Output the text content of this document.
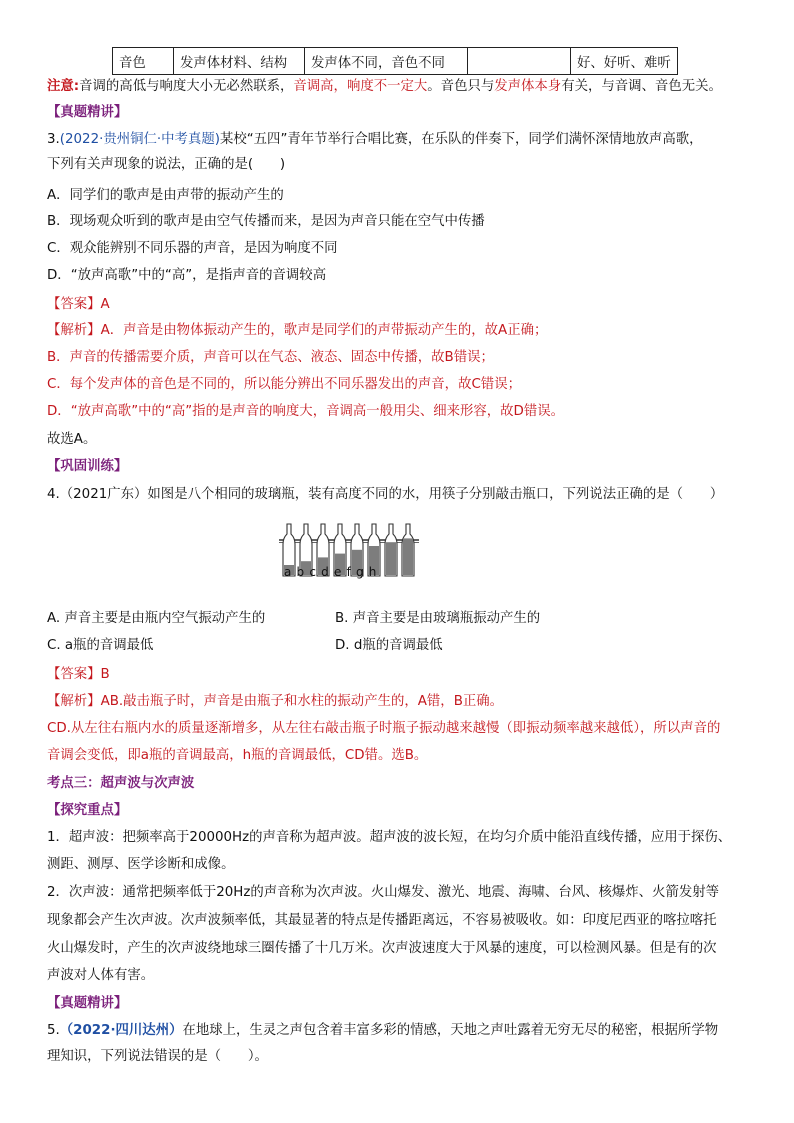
音色	发声体材料、结构	发声体不同，音色不同		好、好听、难听
注意:音调的高低与响度大小无必然联系，音调高，响度不一定大。音色只与发声体本身有关，与音调、音色无关。
【真题精讲】
3.(2022·贵州铜仁·中考真题)某校“五四”青年节举行合唱比赛，在乐队的伴奏下，同学们满怀深情地放声高歌，
下列有关声现象的说法，正确的是(　　)
A．同学们的歌声是由声带的振动产生的
B．现场观众听到的歌声是由空气传播而来，是因为声音只能在空气中传播
C．观众能辨别不同乐器的声音，是因为响度不同
D．“放声高歌”中的“高”，是指声音的音调较高
【答案】A
【解析】A．声音是由物体振动产生的，歌声是同学们的声带振动产生的，故A正确；
B．声音的传播需要介质，声音可以在气态、液态、固态中传播，故B错误；
C．每个发声体的音色是不同的，所以能分辨出不同乐器发出的声音，故C错误；
D．“放声高歌”中的“高”指的是声音的响度大，音调高一般用尖、细来形容，故D错误。
故选A。
【巩固训练】
4.（2021广东）如图是八个相同的玻璃瓶，装有高度不同的水，用筷子分别敲击瓶口，下列说法正确的是（　　）
abcdefgh
A. 声音主要是由瓶内空气振动产生的	B. 声音主要是由玻璃瓶振动产生的
C. a瓶的音调最低	D. d瓶的音调最低
【答案】B
【解析】AB.敲击瓶子时，声音是由瓶子和水柱的振动产生的，A错，B正确。
CD.从左往右瓶内水的质量逐渐增多，从左往右敲击瓶子时瓶子振动越来越慢（即振动频率越来越低），所以声音的
音调会变低，即a瓶的音调最高，h瓶的音调最低，CD错。选B。
考点三：超声波与次声波
【探究重点】
1．超声波：把频率高于20000Hz的声音称为超声波。超声波的波长短，在均匀介质中能沿直线传播，应用于探伤、
测距、测厚、医学诊断和成像。
2．次声波：通常把频率低于20Hz的声音称为次声波。火山爆发、激光、地震、海啸、台风、核爆炸、火箭发射等
现象都会产生次声波。次声波频率低，其最显著的特点是传播距离远，不容易被吸收。如：印度尼西亚的喀拉喀托
火山爆发时，产生的次声波绕地球三圈传播了十几万米。次声波速度大于风暴的速度，可以检测风暴。但是有的次
声波对人体有害。
【真题精讲】
5.（2022·四川达州）在地球上，生灵之声包含着丰富多彩的情感，天地之声吐露着无穷无尽的秘密，根据所学物
理知识，下列说法错误的是（　　）。
